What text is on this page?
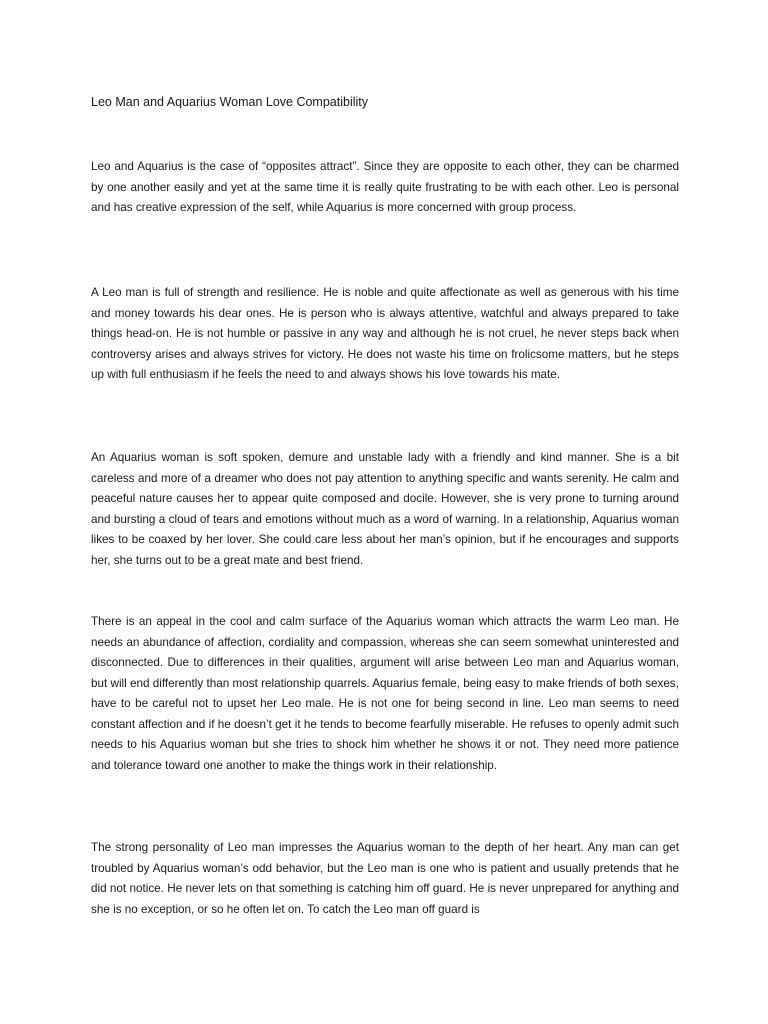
Leo Man and Aquarius Woman Love Compatibility

Leo and Aquarius is the case of “opposites attract”. Since they are opposite to each other, they can be charmed by one another easily and yet at the same time it is really quite frustrating to be with each other. Leo is personal and has creative expression of the self, while Aquarius is more concerned with group process.

A Leo man is full of strength and resilience. He is noble and quite affectionate as well as generous with his time and money towards his dear ones. He is person who is always attentive, watchful and always prepared to take things head-on. He is not humble or passive in any way and although he is not cruel, he never steps back when controversy arises and always strives for victory. He does not waste his time on frolicsome matters, but he steps up with full enthusiasm if he feels the need to and always shows his love towards his mate.

An Aquarius woman is soft spoken, demure and unstable lady with a friendly and kind manner. She is a bit careless and more of a dreamer who does not pay attention to anything specific and wants serenity. He calm and peaceful nature causes her to appear quite composed and docile. However, she is very prone to turning around and bursting a cloud of tears and emotions without much as a word of warning. In a relationship, Aquarius woman likes to be coaxed by her lover. She could care less about her man’s opinion, but if he encourages and supports her, she turns out to be a great mate and best friend.

There is an appeal in the cool and calm surface of the Aquarius woman which attracts the warm Leo man. He needs an abundance of affection, cordiality and compassion, whereas she can seem somewhat uninterested and disconnected. Due to differences in their qualities, argument will arise between Leo man and Aquarius woman, but will end differently than most relationship quarrels. Aquarius female, being easy to make friends of both sexes, have to be careful not to upset her Leo male. He is not one for being second in line. Leo man seems to need constant affection and if he doesn’t get it he tends to become fearfully miserable. He refuses to openly admit such needs to his Aquarius woman but she tries to shock him whether he shows it or not. They need more patience and tolerance toward one another to make the things work in their relationship.

The strong personality of Leo man impresses the Aquarius woman to the depth of her heart. Any man can get troubled by Aquarius woman’s odd behavior, but the Leo man is one who is patient and usually pretends that he did not notice. He never lets on that something is catching him off guard. He is never unprepared for anything and she is no exception, or so he often let on. To catch the Leo man off guard is
